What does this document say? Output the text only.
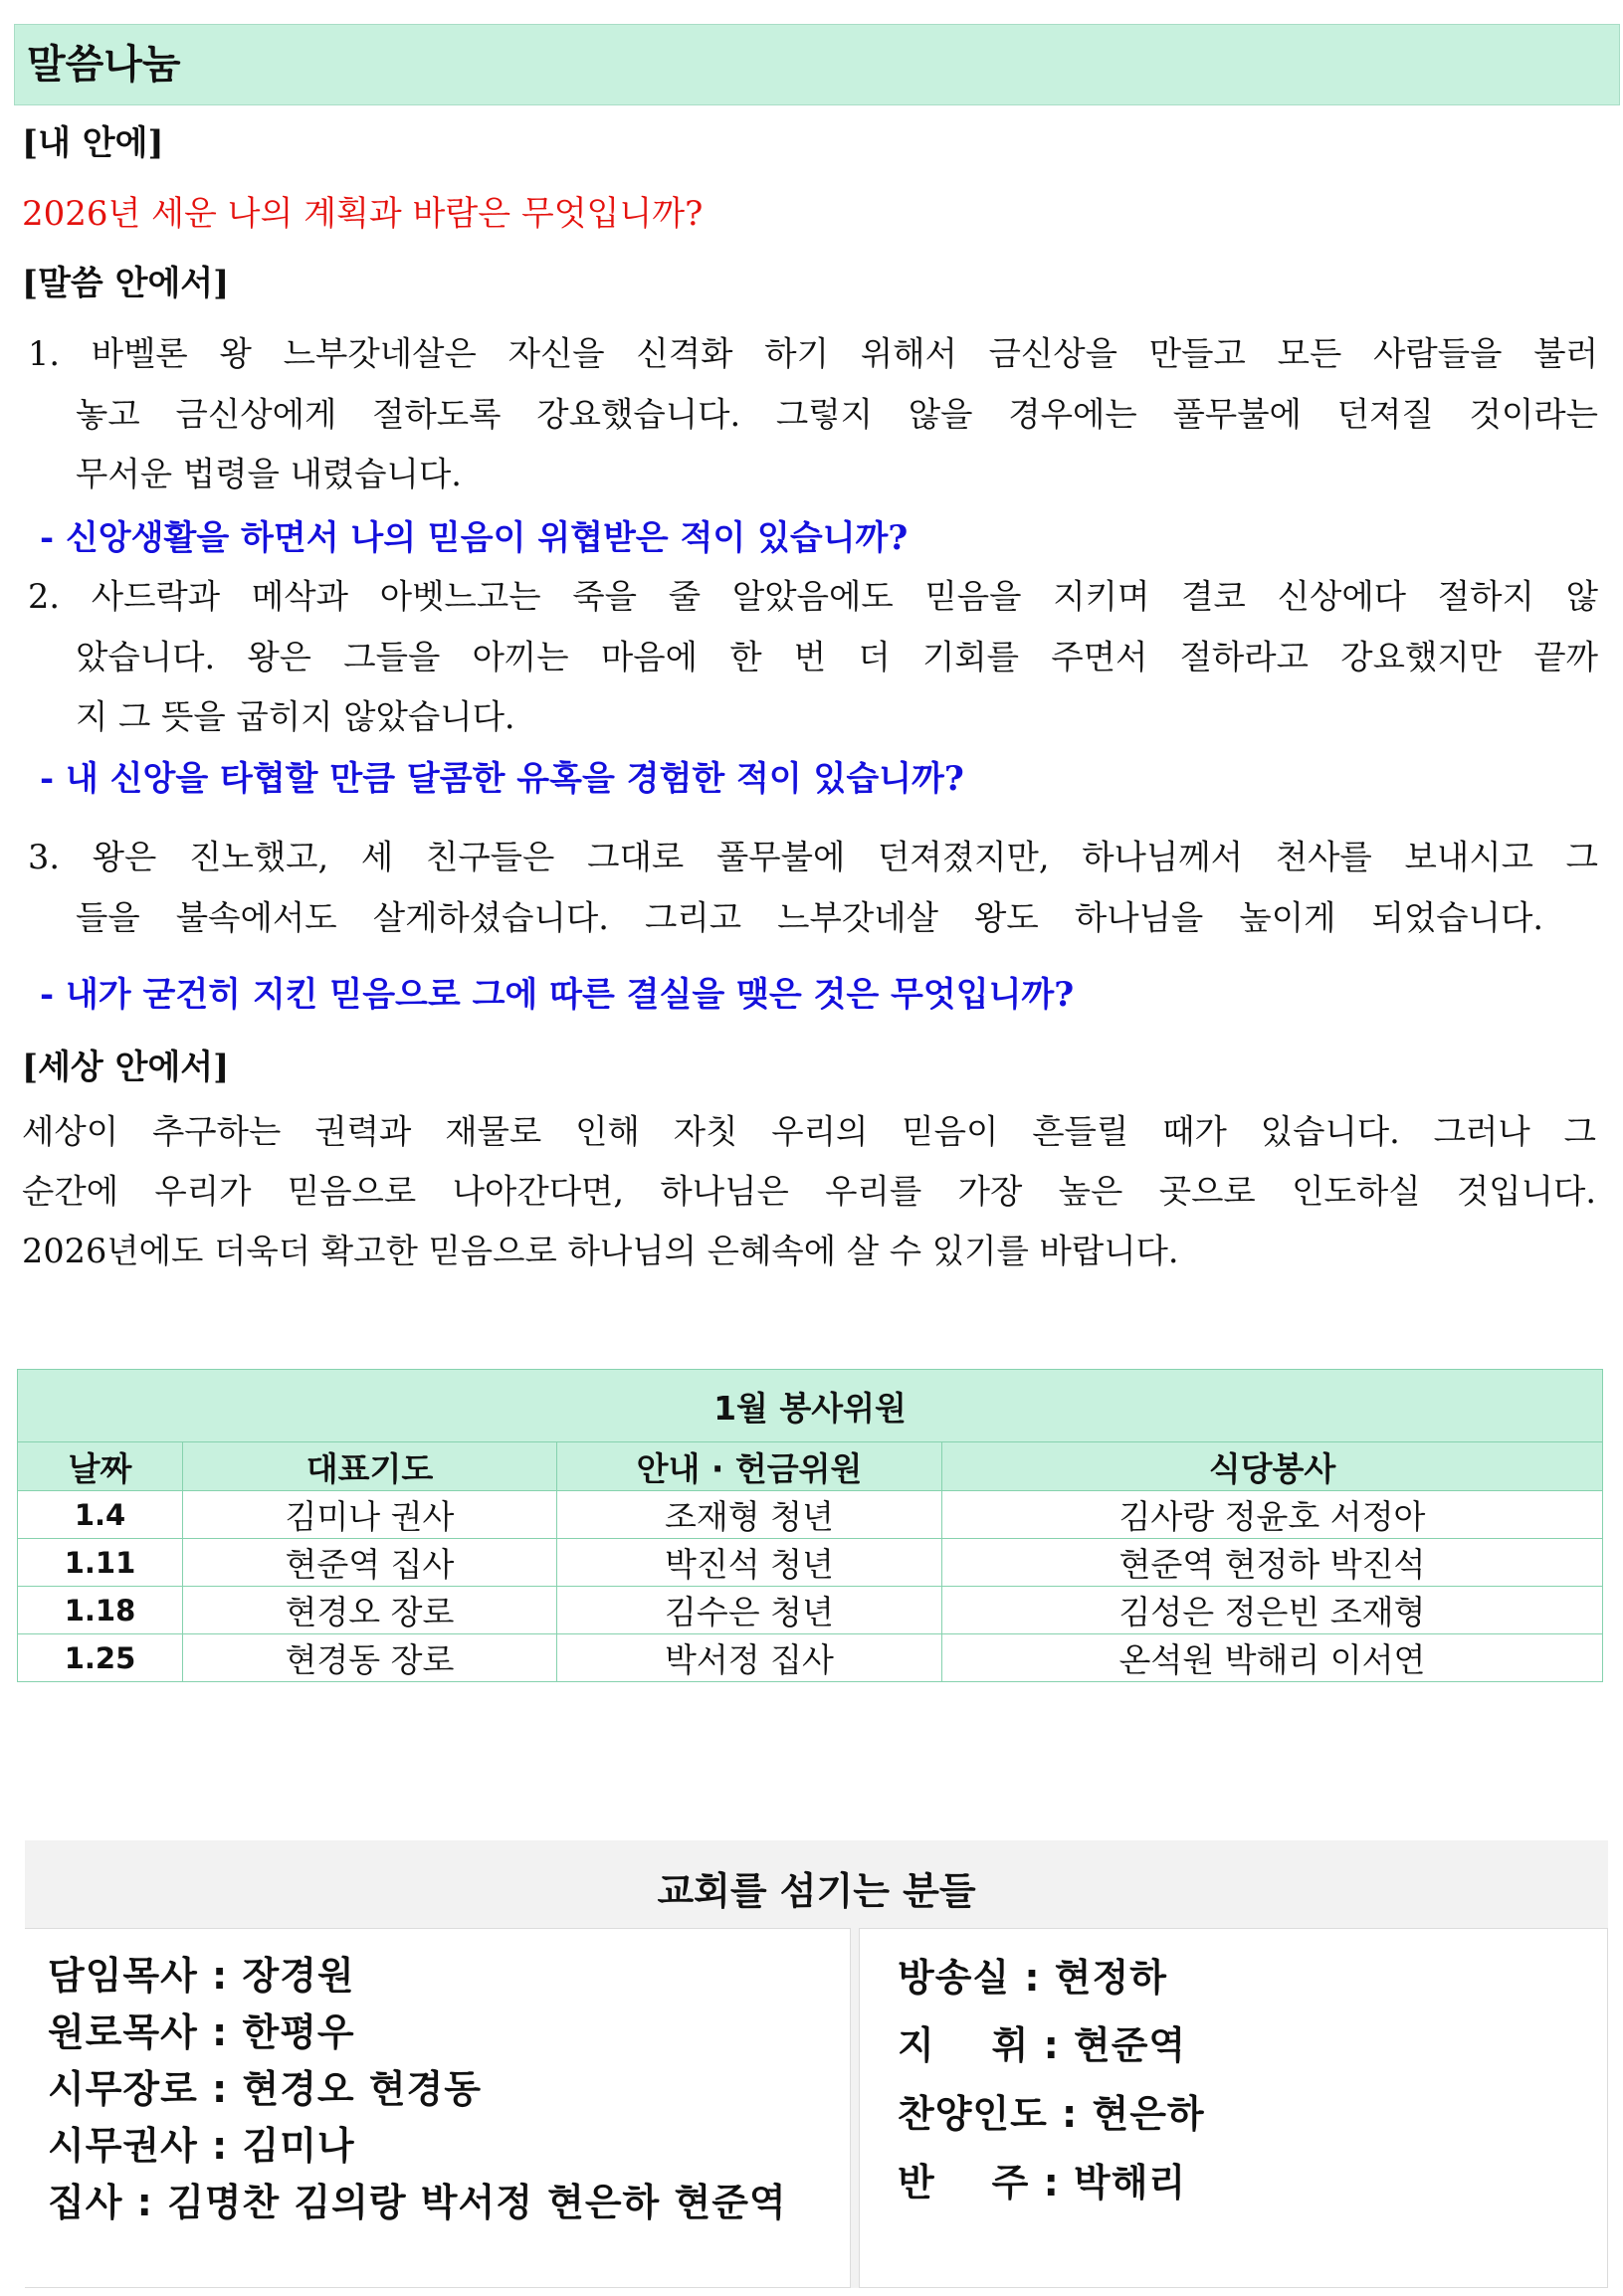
말씀나눔
[내 안에]
2026년 세운 나의 계획과 바람은 무엇입니까?
[말씀 안에서]
1. 바벨론 왕 느부갓네살은 자신을 신격화 하기 위해서 금신상을 만들고 모든 사람들을 불러
놓고 금신상에게 절하도록 강요했습니다. 그렇지 않을 경우에는 풀무불에 던져질 것이라는
무서운 법령을 내렸습니다.
- 신앙생활을 하면서 나의 믿음이 위협받은 적이 있습니까?
2. 사드락과 메삭과 아벳느고는 죽을 줄 알았음에도 믿음을 지키며 결코 신상에다 절하지 않
았습니다. 왕은 그들을 아끼는 마음에 한 번 더 기회를 주면서 절하라고 강요했지만 끝까
지 그 뜻을 굽히지 않았습니다.
- 내 신앙을 타협할 만큼 달콤한 유혹을 경험한 적이 있습니까?
3. 왕은 진노했고, 세 친구들은 그대로 풀무불에 던져졌지만, 하나님께서 천사를 보내시고 그
들을 불속에서도 살게하셨습니다. 그리고 느부갓네살 왕도 하나님을 높이게 되었습니다.
- 내가 굳건히 지킨 믿음으로 그에 따른 결실을 맺은 것은 무엇입니까?
[세상 안에서]
세상이 추구하는 권력과 재물로 인해 자칫 우리의 믿음이 흔들릴 때가 있습니다. 그러나 그
순간에 우리가 믿음으로 나아간다면, 하나님은 우리를 가장 높은 곳으로 인도하실 것입니다.
2026년에도 더욱더 확고한 믿음으로 하나님의 은혜속에 살 수 있기를 바랍니다.
1월 봉사위원			
날짜	대표기도	안내 · 헌금위원	식당봉사
1.4	김미나 권사	조재형 청년	김사랑 정윤호 서정아
1.11	현준역 집사	박진석 청년	현준역 현정하 박진석
1.18	현경오 장로	김수은 청년	김성은 정은빈 조재형
1.25	현경동 장로	박서정 집사	온석원 박해리 이서연
교회를 섬기는 분들
담임목사 : 장경원
원로목사 : 한평우
시무장로 : 현경오 현경동
시무권사 : 김미나
집사 : 김명찬 김의랑 박서정 현은하 현준역
방송실 : 현정하
지    휘 : 현준역
찬양인도 : 현은하
반    주 : 박해리
